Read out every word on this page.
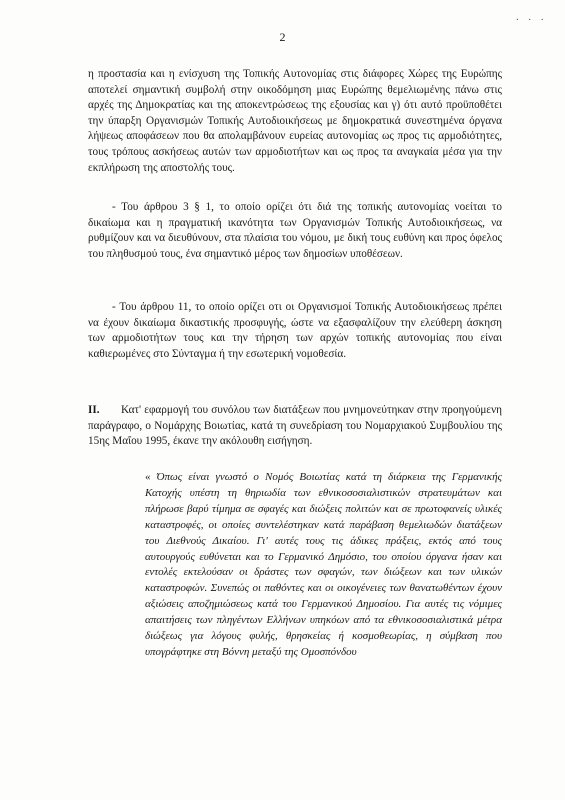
· · ·
2

η προστασία και η ενίσχυση της Τοπικής Αυτονομίας στις διάφορες Χώρες της Ευρώπης αποτελεί σημαντική συμβολή στην οικοδόμηση μιας Ευρώπης θεμελιωμένης πάνω στις αρχές της Δημοκρατίας και της αποκεντρώσεως της εξουσίας και γ) ότι αυτό προϋποθέτει την ύπαρξη Οργανισμών Τοπικής Αυτοδιοικήσεως με δημοκρατικά συνεστημένα όργανα λήψεως αποφάσεων που θα απολαμβάνουν ευρείας αυτονομίας ως προς τις αρμοδιότητες, τους τρόπους ασκήσεως αυτών των αρμοδιοτήτων και ως προς τα αναγκαία μέσα για την εκπλήρωση της αποστολής τους.

- Του άρθρου 3 § 1, το οποίο ορίζει ότι διά της τοπικής αυτονομίας νοείται το δικαίωμα και η πραγματική ικανότητα των Οργανισμών Τοπικής Αυτοδιοικήσεως, να ρυθμίζουν και να διευθύνουν, στα πλαίσια του νόμου, με δική τους ευθύνη και προς όφελος του πληθυσμού τους, ένα σημαντικό μέρος των δημοσίων υποθέσεων.

- Του άρθρου 11, το οποίο ορίζει οτι οι Οργανισμοί Τοπικής Αυτοδιοικήσεως πρέπει να έχουν δικαίωμα δικαστικής προσφυγής, ώστε να εξασφαλίζουν την ελεύθερη άσκηση των αρμοδιοτήτων τους και την τήρηση των αρχών τοπικής αυτονομίας που είναι καθιερωμένες στο Σύνταγμα ή την εσωτερική νομοθεσία.

II. Κατ' εφαρμογή του συνόλου των διατάξεων που μνημονεύτηκαν στην προηγούμενη παράγραφο, ο Νομάρχης Βοιωτίας, κατά τη συνεδρίαση του Νομαρχιακού Συμβουλίου της 15ης Μαΐου 1995, έκανε την ακόλουθη εισήγηση.

« Όπως είναι γνωστό ο Νομός Βοιωτίας κατά τη διάρκεια της Γερμανικής Κατοχής υπέστη τη θηριωδία των εθνικοσοσιαλιστικών στρατευμάτων και πλήρωσε βαρύ τίμημα σε σφαγές και διώξεις πολιτών και σε πρωτοφανείς υλικές καταστροφές, οι οποίες συντελέστηκαν κατά παράβαση θεμελιωδών διατάξεων του Διεθνούς Δικαίου. Γι' αυτές τους τις άδικες πράξεις, εκτός από τους αυτουργούς ευθύνεται και το Γερμανικό Δημόσιο, του οποίου όργανα ήσαν και εντολές εκτελούσαν οι δράστες των σφαγών, των διώξεων και των υλικών καταστροφών. Συνεπώς οι παθόντες και οι οικογένειες των θανατωθέντων έχουν αξιώσεις αποζημιώσεως κατά του Γερμανικού Δημοσίου. Για αυτές τις νόμιμες απαιτήσεις των πληγέντων Ελλήνων υπηκόων από τα εθνικοσοσιαλιστικά μέτρα διώξεως για λόγους φυλής, θρησκείας ή κοσμοθεωρίας, η σύμβαση που υπογράφτηκε στη Βόννη μεταξύ της Ομοσπόνδου
